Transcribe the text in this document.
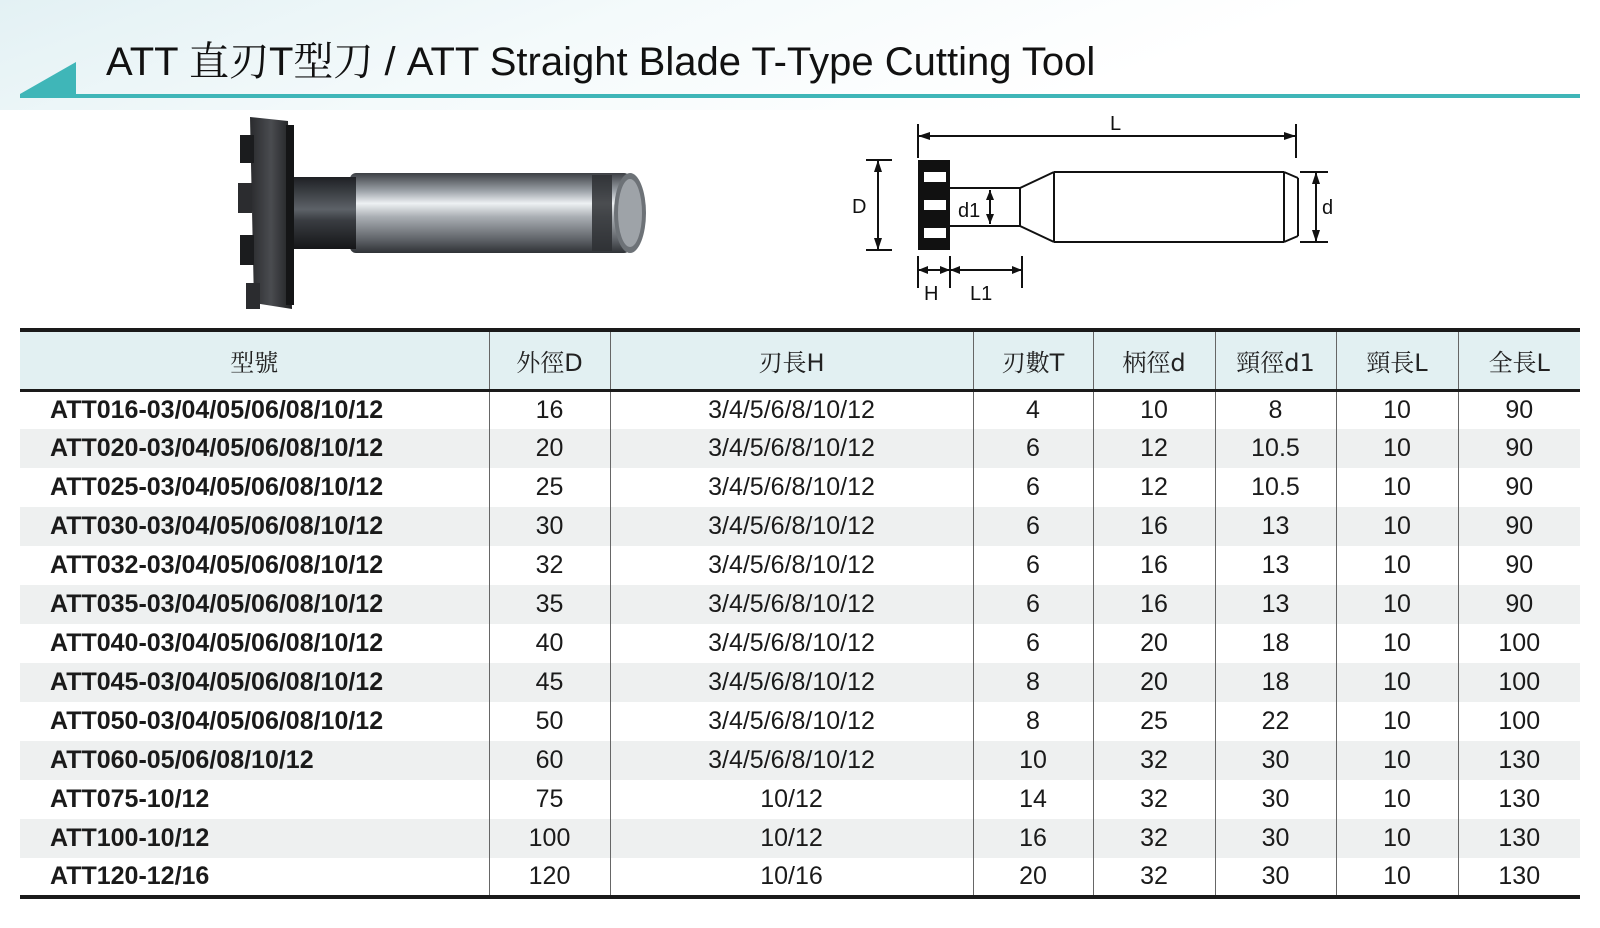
ATT 直刃T型刀 / ATT Straight Blade T-Type Cutting Tool
L
D	d1	d
H L1
型號	外徑D	刃長H	刃數T	柄徑d	頸徑d1	頸長L	全長L
ATT016-03/04/05/06/08/10/12	16	3/4/5/6/8/10/12	4	10	8	10	90
ATT020-03/04/05/06/08/10/12	20	3/4/5/6/8/10/12	6	12	10.5	10	90
ATT025-03/04/05/06/08/10/12	25	3/4/5/6/8/10/12	6	12	10.5	10	90
ATT030-03/04/05/06/08/10/12	30	3/4/5/6/8/10/12	6	16	13	10	90
ATT032-03/04/05/06/08/10/12	32	3/4/5/6/8/10/12	6	16	13	10	90
ATT035-03/04/05/06/08/10/12	35	3/4/5/6/8/10/12	6	16	13	10	90
ATT040-03/04/05/06/08/10/12	40	3/4/5/6/8/10/12	6	20	18	10	100
ATT045-03/04/05/06/08/10/12	45	3/4/5/6/8/10/12	8	20	18	10	100
ATT050-03/04/05/06/08/10/12	50	3/4/5/6/8/10/12	8	25	22	10	100
ATT060-05/06/08/10/12	60	3/4/5/6/8/10/12	10	32	30	10	130
ATT075-10/12	75	10/12	14	32	30	10	130
ATT100-10/12	100	10/12	16	32	30	10	130
ATT120-12/16	120	10/16	20	32	30	10	130
